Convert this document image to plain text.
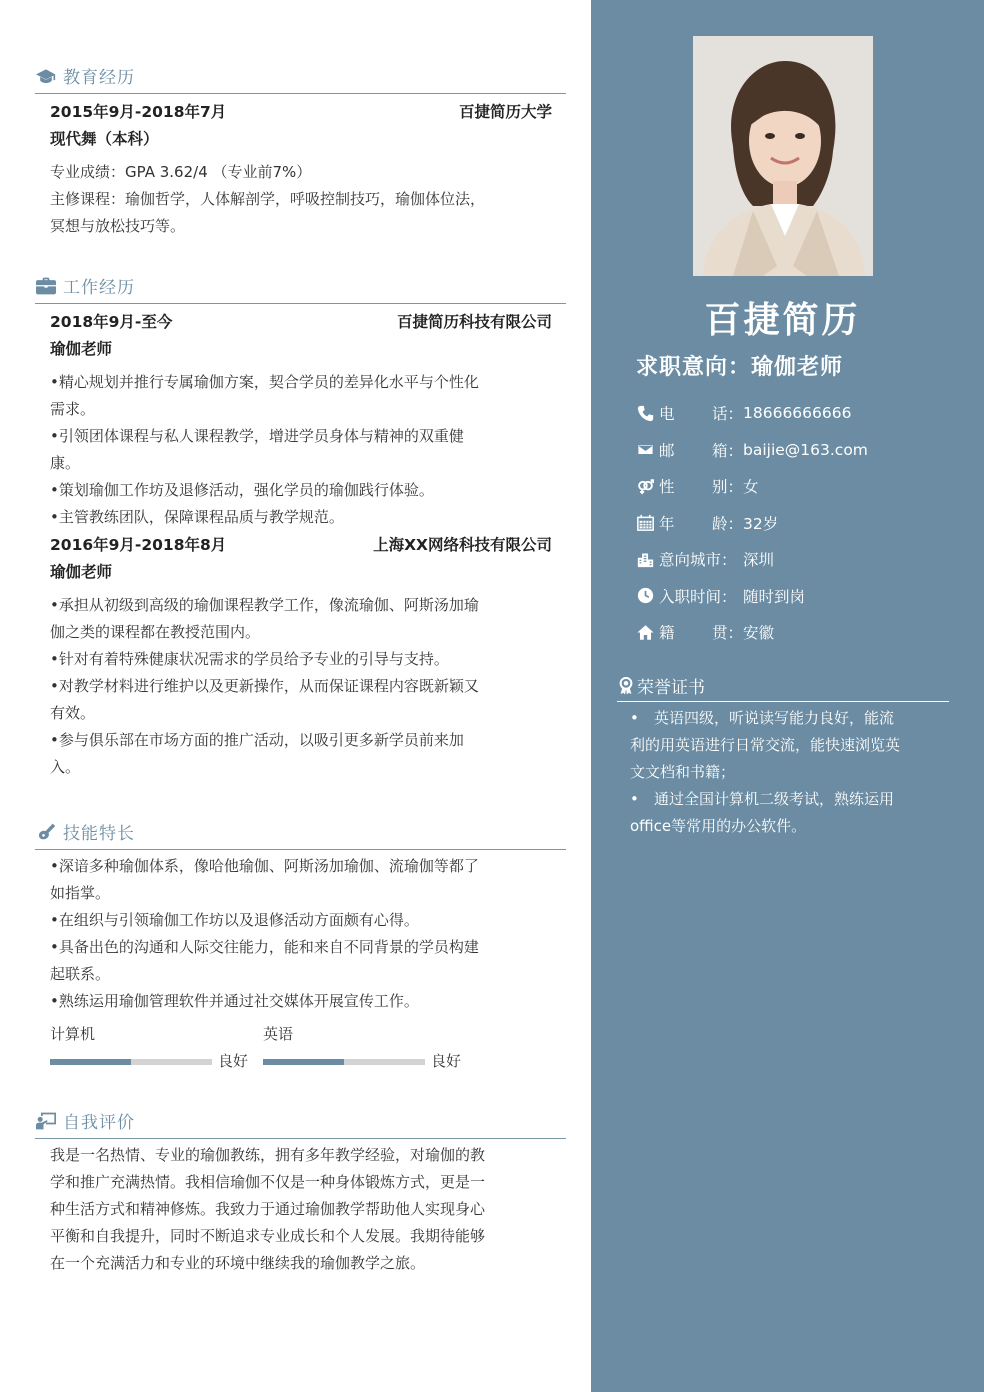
教育经历
2015年9月-2018年7月	百捷简历大学
现代舞（本科）
专业成绩：GPA 3.62/4 （专业前7%）
主修课程：瑜伽哲学，人体解剖学，呼吸控制技巧，瑜伽体位法，
冥想与放松技巧等。
工作经历
2018年9月-至今	百捷简历科技有限公司
瑜伽老师
•精心规划并推行专属瑜伽方案，契合学员的差异化水平与个性化
需求。
•引领团体课程与私人课程教学，增进学员身体与精神的双重健
康。
•策划瑜伽工作坊及退修活动，强化学员的瑜伽践行体验。
•主管教练团队，保障课程品质与教学规范。
2016年9月-2018年8月	上海XX网络科技有限公司
瑜伽老师
•承担从初级到高级的瑜伽课程教学工作，像流瑜伽、阿斯汤加瑜
伽之类的课程都在教授范围内。
•针对有着特殊健康状况需求的学员给予专业的引导与支持。
•对教学材料进行维护以及更新操作，从而保证课程内容既新颖又
有效。
•参与俱乐部在市场方面的推广活动，以吸引更多新学员前来加
入。
技能特长
•深谙多种瑜伽体系，像哈他瑜伽、阿斯汤加瑜伽、流瑜伽等都了
如指掌。
•在组织与引领瑜伽工作坊以及退修活动方面颇有心得。
•具备出色的沟通和人际交往能力，能和来自不同背景的学员构建
起联系。
•熟练运用瑜伽管理软件并通过社交媒体开展宣传工作。
计算机
良好
英语
良好
自我评价
我是一名热情、专业的瑜伽教练，拥有多年教学经验，对瑜伽的教
学和推广充满热情。我相信瑜伽不仅是一种身体锻炼方式，更是一
种生活方式和精神修炼。我致力于通过瑜伽教学帮助他人实现身心
平衡和自我提升，同时不断追求专业成长和个人发展。我期待能够
在一个充满活力和专业的环境中继续我的瑜伽教学之旅。
百捷简历
求职意向：瑜伽老师
电 话： 18666666666
邮 箱： baijie@163.com
性 别： 女
年 龄： 32岁
意向城市： 深圳
入职时间： 随时到岗
籍 贯： 安徽
荣誉证书
• 英语四级，听说读写能力良好，能流
利的用英语进行日常交流，能快速浏览英
文文档和书籍；
• 通过全国计算机二级考试，熟练运用
office等常用的办公软件。
